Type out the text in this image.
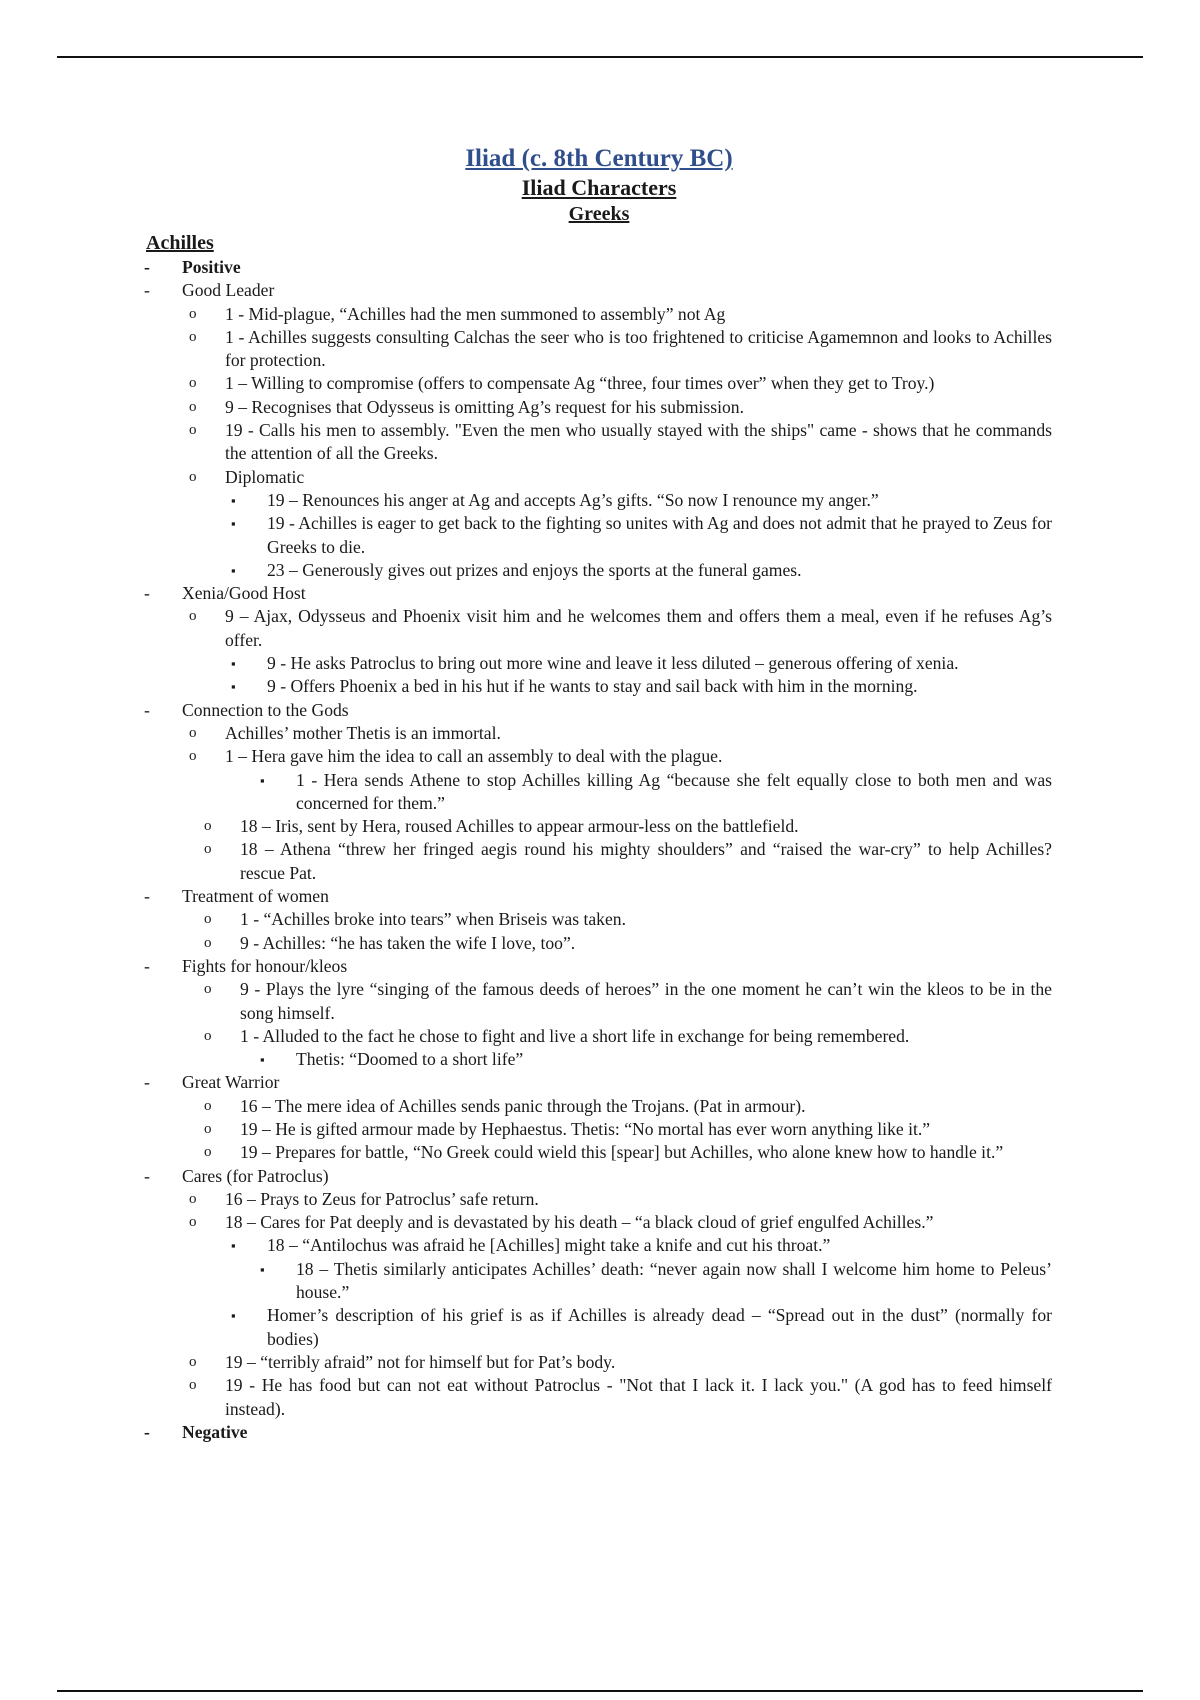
Iliad (c. 8th Century BC)
Iliad Characters
Greeks
Achilles
-	Positive
-	Good Leader
o	1 - Mid-plague, “Achilles had the men summoned to assembly” not Ag
o	1 - Achilles suggests consulting Calchas the seer who is too frightened to criticise Agamemnon and looks to Achilles for protection.
o	1 – Willing to compromise (offers to compensate Ag “three, four times over” when they get to Troy.)
o	9 – Recognises that Odysseus is omitting Ag’s request for his submission.
o	19 - Calls his men to assembly. "Even the men who usually stayed with the ships" came - shows that he commands the attention of all the Greeks.
o	Diplomatic
▪	19 – Renounces his anger at Ag and accepts Ag’s gifts. “So now I renounce my anger.”
▪	19 - Achilles is eager to get back to the fighting so unites with Ag and does not admit that he prayed to Zeus for Greeks to die.
▪	23 – Generously gives out prizes and enjoys the sports at the funeral games.
-	Xenia/Good Host
o	9 – Ajax, Odysseus and Phoenix visit him and he welcomes them and offers them a meal, even if he refuses Ag’s offer.
▪	9 - He asks Patroclus to bring out more wine and leave it less diluted – generous offering of xenia.
▪	9 - Offers Phoenix a bed in his hut if he wants to stay and sail back with him in the morning.
-	Connection to the Gods
o	Achilles’ mother Thetis is an immortal.
o	1 – Hera gave him the idea to call an assembly to deal with the plague.
▪	1 - Hera sends Athene to stop Achilles killing Ag “because she felt equally close to both men and was concerned for them.”
o	18 – Iris, sent by Hera, roused Achilles to appear armour-less on the battlefield.
o	18 – Athena “threw her fringed aegis round his mighty shoulders” and “raised the war-cry” to help Achilles? rescue Pat.
-	Treatment of women
o	1 - “Achilles broke into tears” when Briseis was taken.
o	9 - Achilles: “he has taken the wife I love, too”.
-	Fights for honour/kleos
o	9 - Plays the lyre “singing of the famous deeds of heroes” in the one moment he can’t win the kleos to be in the song himself.
o	1 - Alluded to the fact he chose to fight and live a short life in exchange for being remembered.
▪	Thetis: “Doomed to a short life”
-	Great Warrior
o	16 – The mere idea of Achilles sends panic through the Trojans. (Pat in armour).
o	19 – He is gifted armour made by Hephaestus. Thetis: “No mortal has ever worn anything like it.”
o	19 – Prepares for battle, “No Greek could wield this [spear] but Achilles, who alone knew how to handle it.”
-	Cares (for Patroclus)
o	16 – Prays to Zeus for Patroclus’ safe return.
o	18 – Cares for Pat deeply and is devastated by his death – “a black cloud of grief engulfed Achilles.”
▪	18 – “Antilochus was afraid he [Achilles] might take a knife and cut his throat.”
▪	18 – Thetis similarly anticipates Achilles’ death: “never again now shall I welcome him home to Peleus’ house.”
▪	Homer’s description of his grief is as if Achilles is already dead – “Spread out in the dust” (normally for bodies)
o	19 – “terribly afraid” not for himself but for Pat’s body.
o	19 - He has food but can not eat without Patroclus - "Not that I lack it. I lack you." (A god has to feed himself instead).
-	Negative
